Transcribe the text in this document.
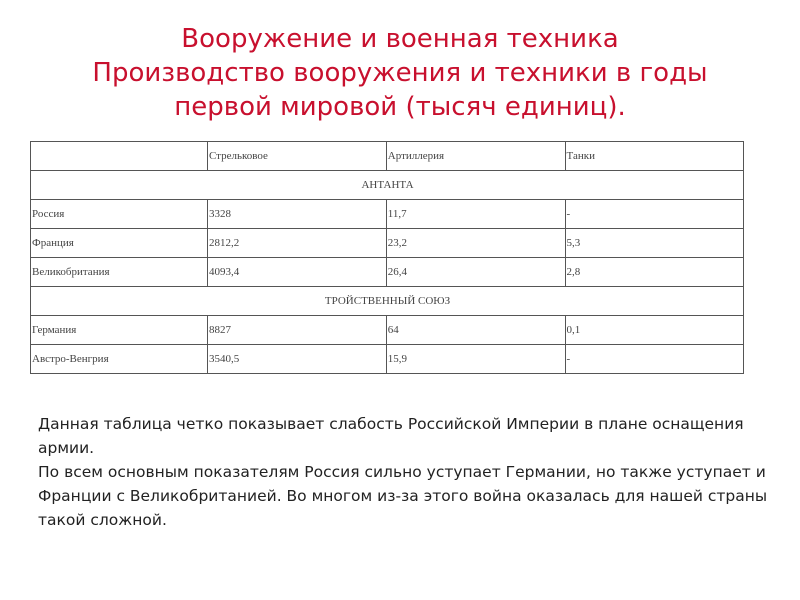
Вооружение и военная техника
Производство вооружения и техники в годы
первой мировой (тысяч единиц).
	Стрельковое	Артиллерия	Танки
АНТАНТА			
Россия	3328	11,7	-
Франция	2812,2	23,2	5,3
Великобритания	4093,4	26,4	2,8
ТРОЙСТВЕННЫЙ СОЮЗ			
Германия	8827	64	0,1
Австро-Венгрия	3540,5	15,9	-

Данная таблица четко показывает слабость Российской Империи в плане оснащения армии.

По всем основным показателям Россия сильно уступает Германии, но также уступает и Франции с Великобританией. Во многом из-за этого война оказалась для нашей страны такой сложной.
